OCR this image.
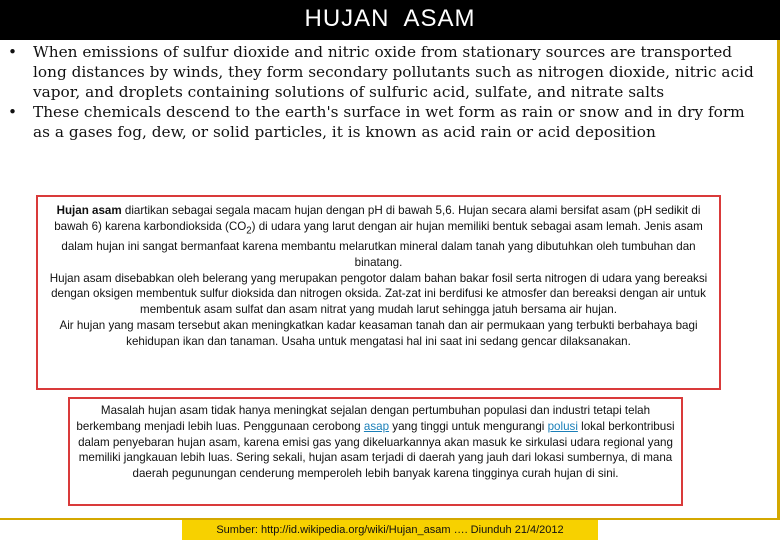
HUJAN  ASAM
• When emissions of sulfur dioxide and nitric oxide from stationary sources are transported long distances by winds, they form secondary pollutants such as nitrogen dioxide, nitric acid vapor, and droplets containing solutions of sulfuric acid, sulfate, and nitrate salts
• These chemicals descend to the earth's surface in wet form as rain or snow and in dry form as a gases fog, dew, or solid particles, it is known as acid rain or acid deposition

Hujan asam diartikan sebagai segala macam hujan dengan pH di bawah 5,6. Hujan secara alami bersifat asam (pH sedikit di bawah 6) karena karbondioksida $(CO_2)$ di udara yang larut dengan air hujan memiliki bentuk sebagai asam lemah. Jenis asam dalam hujan ini sangat bermanfaat karena membantu melarutkan mineral dalam tanah yang dibutuhkan oleh tumbuhan dan binatang.

Hujan asam disebabkan oleh belerang yang merupakan pengotor dalam bahan bakar fosil serta nitrogen di udara yang bereaksi dengan oksigen membentuk sulfur dioksida dan nitrogen oksida. Zat-zat ini berdifusi ke atmosfer dan bereaksi dengan air untuk membentuk asam sulfat dan asam nitrat yang mudah larut sehingga jatuh bersama air hujan.

Air hujan yang masam tersebut akan meningkatkan kadar keasaman tanah dan air permukaan yang terbukti berbahaya bagi kehidupan ikan dan tanaman. Usaha untuk mengatasi hal ini saat ini sedang gencar dilaksanakan.

Masalah hujan asam tidak hanya meningkat sejalan dengan pertumbuhan populasi dan industri tetapi telah berkembang menjadi lebih luas. Penggunaan cerobong asap yang tinggi untuk mengurangi polusi lokal berkontribusi dalam penyebaran hujan asam, karena emisi gas yang dikeluarkannya akan masuk ke sirkulasi udara regional yang memiliki jangkauan lebih luas. Sering sekali, hujan asam terjadi di daerah yang jauh dari lokasi sumbernya, di mana daerah pegunungan cenderung memperoleh lebih banyak karena tingginya curah hujan di sini.

Sumber: http://id.wikipedia.org/wiki/Hujan_asam …. Diunduh 21/4/2012
